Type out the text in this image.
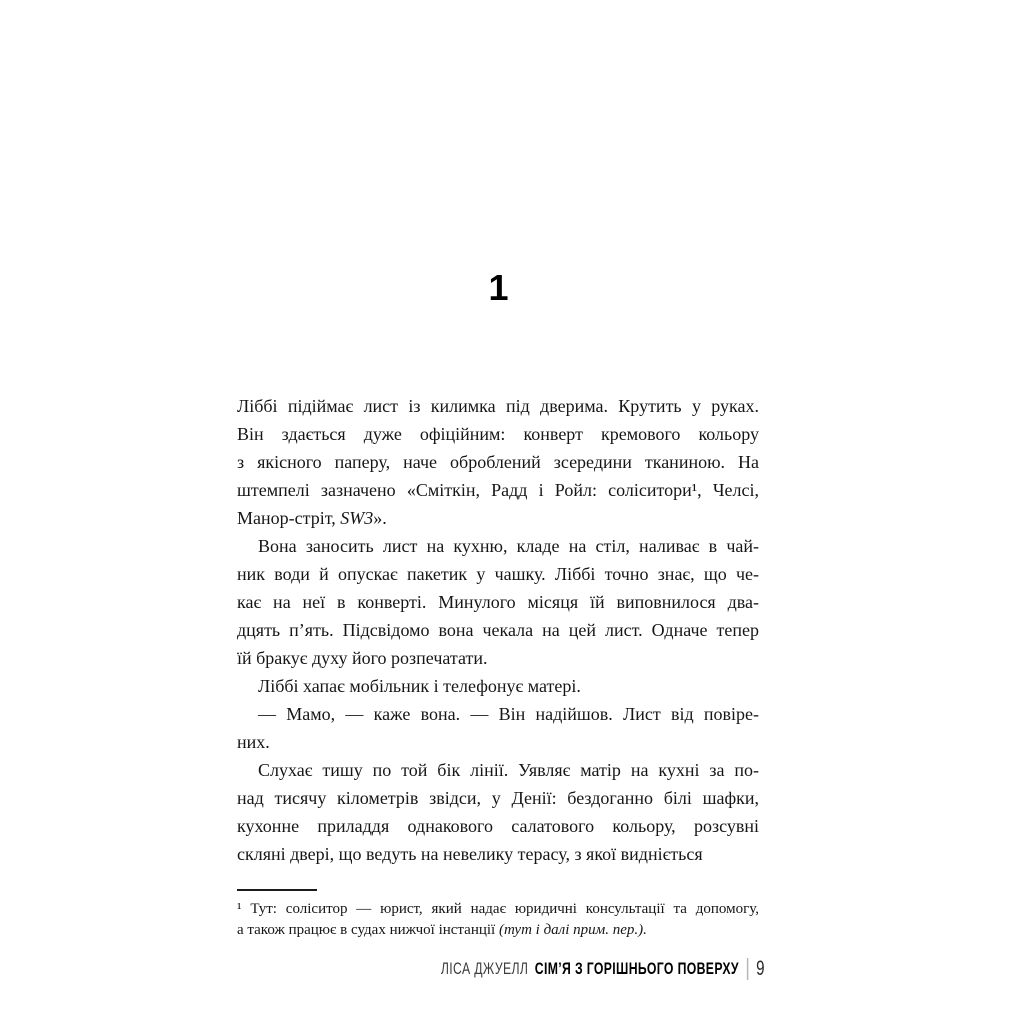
1
Ліббі підіймає лист із килимка під дверима. Крутить у руках.
Він здається дуже офіційним: конверт кремового кольору
з якісного паперу, наче оброблений зсередини тканиною. На
штемпелі зазначено «Сміткін, Радд і Ройл: соліситори¹, Челсі,
Манор-стріт, SW3».
Вона заносить лист на кухню, кладе на стіл, наливає в чай-
ник води й опускає пакетик у чашку. Ліббі точно знає, що че-
кає на неї в конверті. Минулого місяця їй виповнилося два-
дцять п’ять. Підсвідомо вона чекала на цей лист. Одначе тепер
їй бракує духу його розпечатати.
Ліббі хапає мобільник і телефонує матері.
— Мамо, — каже вона. — Він надійшов. Лист від повіре-
них.
Слухає тишу по той бік лінії. Уявляє матір на кухні за по-
над тисячу кілометрів звідси, у Денії: бездоганно білі шафки,
кухонне приладдя однакового салатового кольору, розсувні
скляні двері, що ведуть на невелику терасу, з якої видніється
¹ Тут: соліситор — юрист, який надає юридичні консультації та допомогу,
а також працює в судах нижчої інстанції (тут і далі прим. пер.).
ЛІСА ДЖУЕЛЛ СІМ’Я З ГОРІШНЬОГО ПОВЕРХУ 9
